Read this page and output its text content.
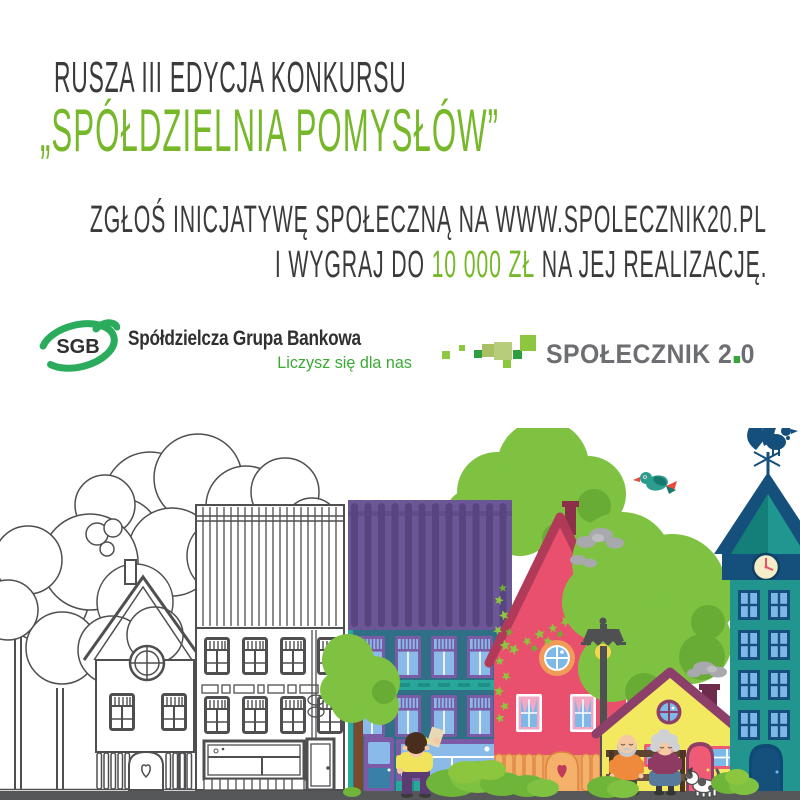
RUSZA III EDYCJA KONKURSU
„SPÓŁDZIELNIA POMYSŁÓW”
ZGŁOŚ INICJATYWĘ SPOŁECZNĄ NA WWW.SPOLECZNIK20.PL
I WYGRAJ DO 10 000 ZŁ NA JEJ REALIZACJĘ.
SGB Spółdzielcza Grupa Bankowa
Liczysz się dla nas	SPOŁECZNIK 2 0
